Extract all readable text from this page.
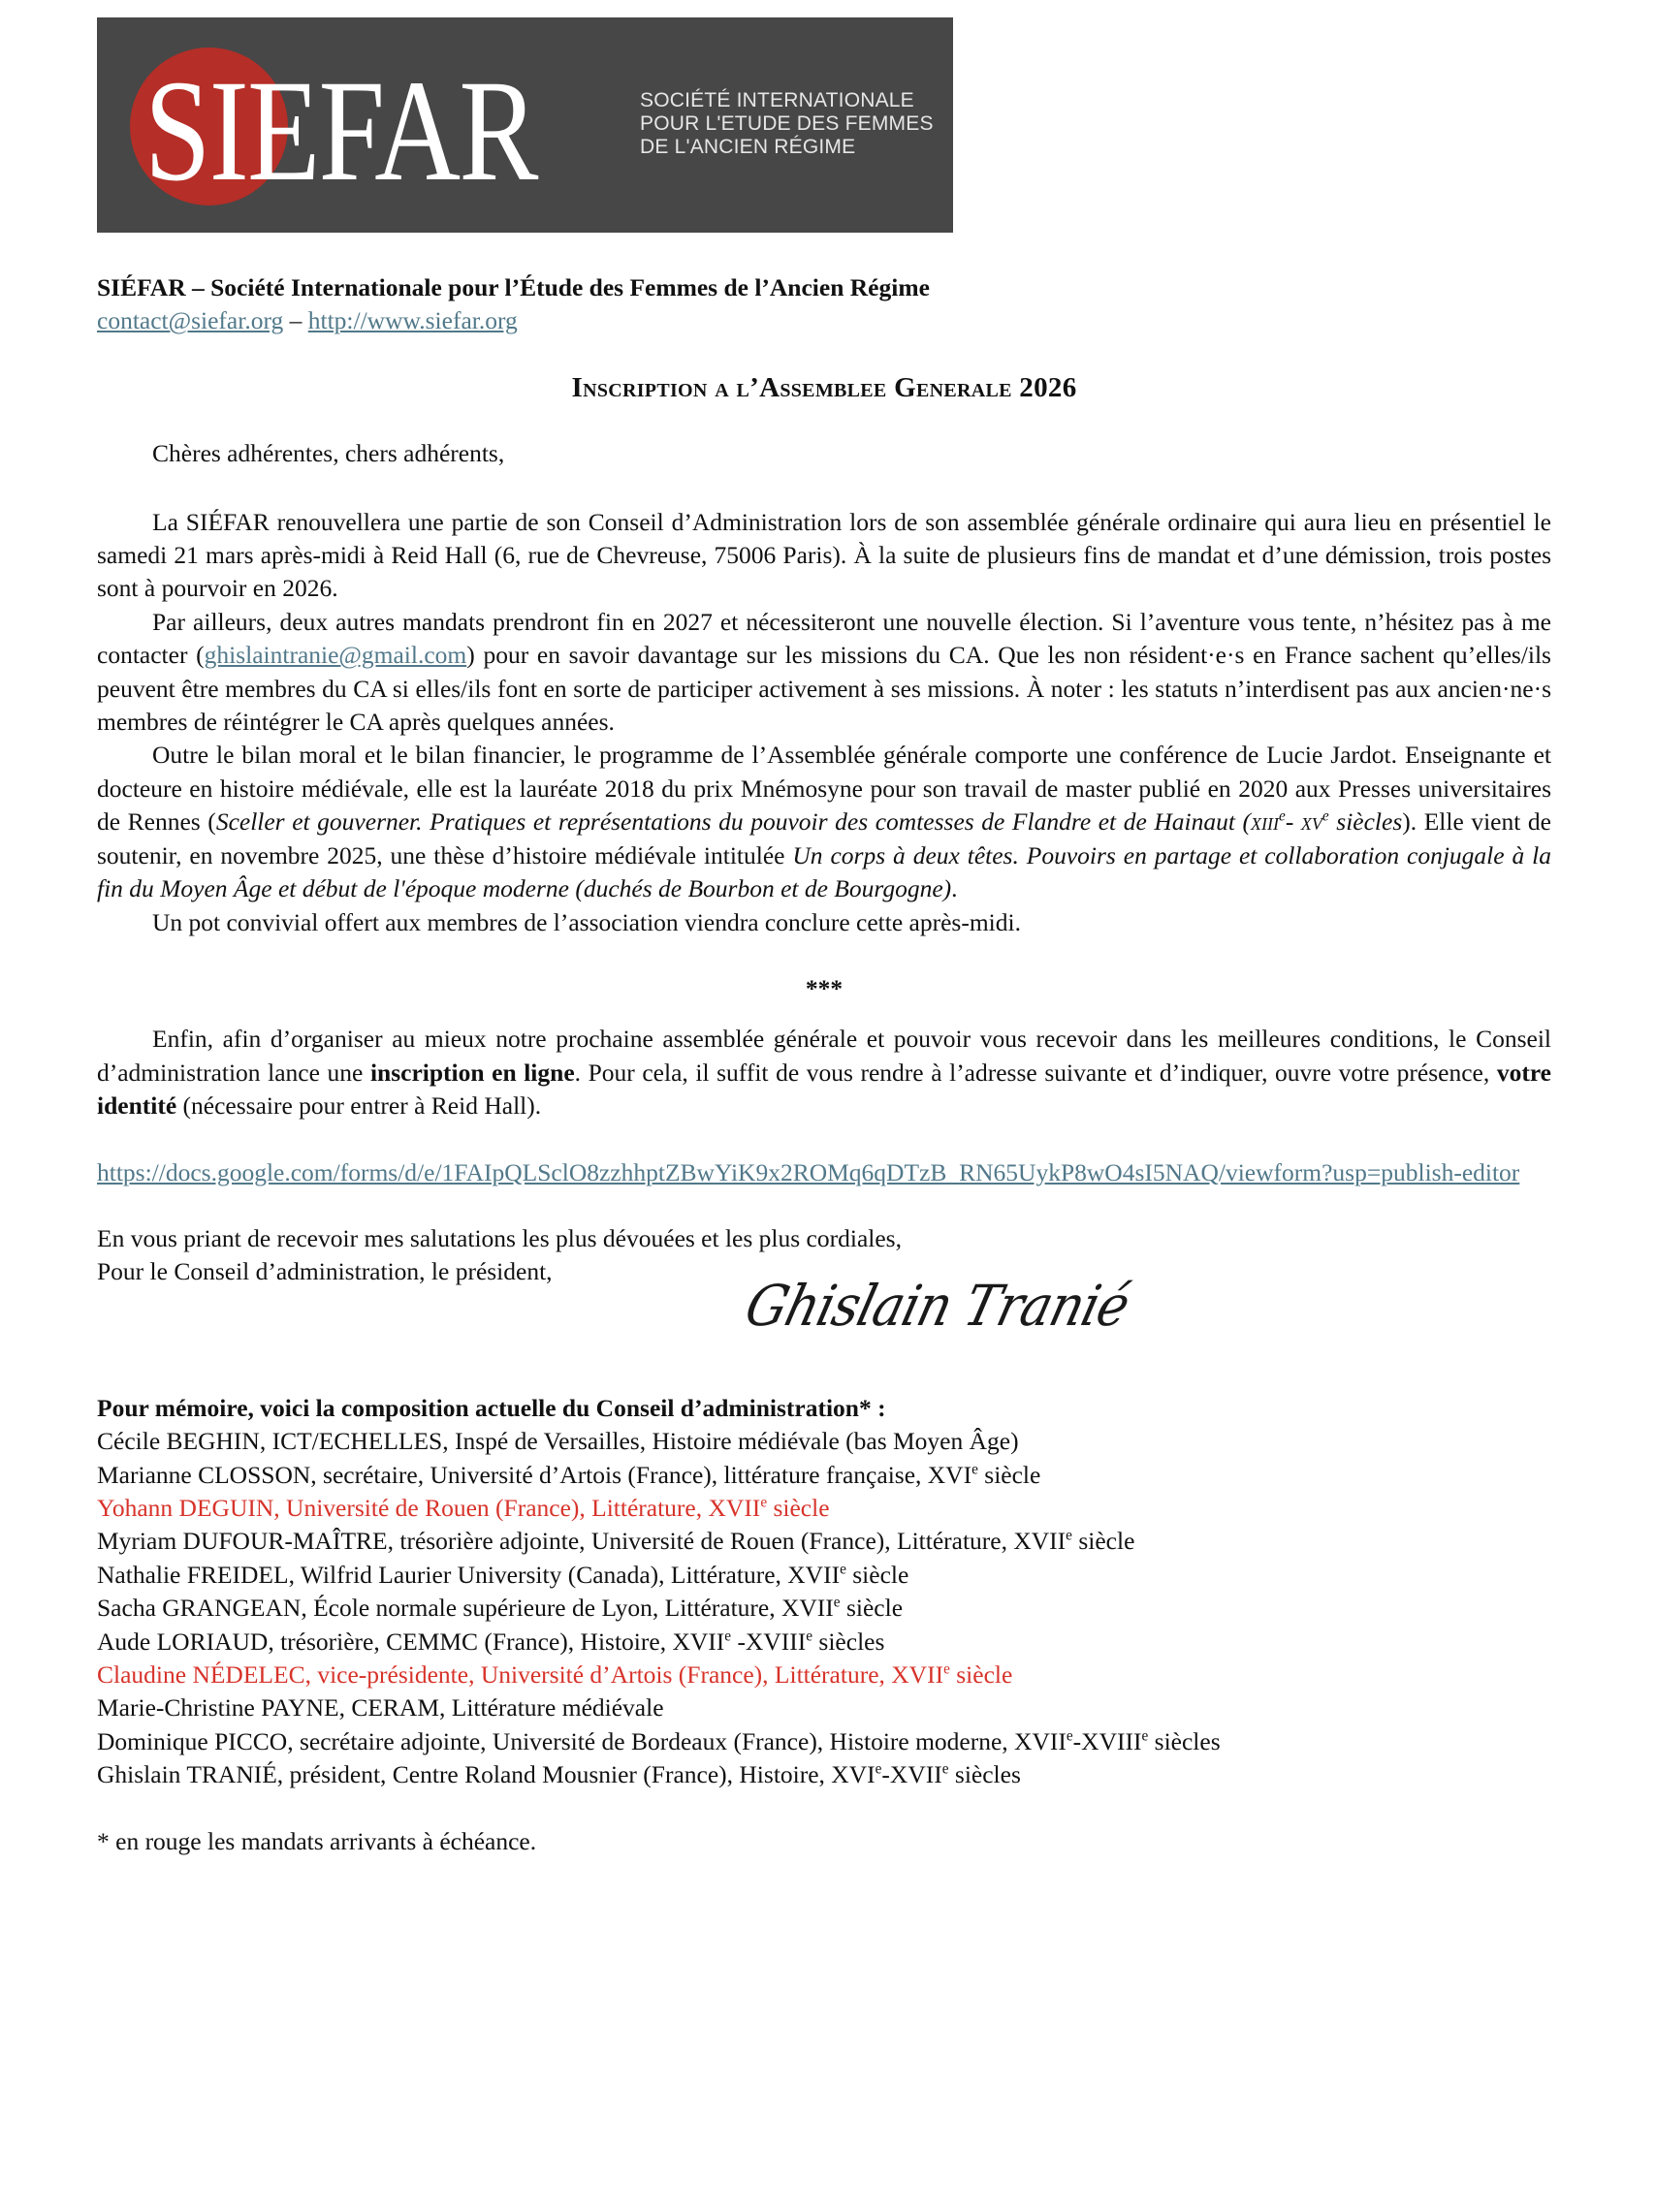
SIEFAR	SOCIÉTÉ INTERNATIONALE
POUR L'ETUDE DES FEMMES
DE L'ANCIEN RÉGIME

SIÉFAR – Société Internationale pour l’Étude des Femmes de l’Ancien Régime

contact@siefar.org – http://www.siefar.org

Inscription a l’Assemblee Generale 2026

Chères adhérentes, chers adhérents,

La SIÉFAR renouvellera une partie de son Conseil d’Administration lors de son assemblée générale ordinaire qui aura lieu en présentiel le samedi 21 mars après-midi à Reid Hall (6, rue de Chevreuse, 75006 Paris). À la suite de plusieurs fins de mandat et d’une démission, trois postes sont à pourvoir en 2026.

Par ailleurs, deux autres mandats prendront fin en 2027 et nécessiteront une nouvelle élection. Si l’aventure vous tente, n’hésitez pas à me contacter (ghislaintranie@gmail.com) pour en savoir davantage sur les missions du CA. Que les non résident·e·s en France sachent qu’elles/ils peuvent être membres du CA si elles/ils font en sorte de participer activement à ses missions. À noter : les statuts n’interdisent pas aux ancien·ne·s membres de réintégrer le CA après quelques années.

Outre le bilan moral et le bilan financier, le programme de l’Assemblée générale comporte une conférence de Lucie Jardot. Enseignante et docteure en histoire médiévale, elle est la lauréate 2018 du prix Mnémosyne pour son travail de master publié en 2020 aux Presses universitaires de Rennes (Sceller et gouverner. Pratiques et représentations du pouvoir des comtesses de Flandre et de Hainaut (xiii$^e$- $xv^e$ siècles). Elle vient de soutenir, en novembre 2025, une thèse d’histoire médiévale intitulée Un corps à deux têtes. Pouvoirs en partage et collaboration conjugale à la fin du Moyen Âge et début de l'époque moderne (duchés de Bourbon et de Bourgogne).

Un pot convivial offert aux membres de l’association viendra conclure cette après-midi.

***

Enfin, afin d’organiser au mieux notre prochaine assemblée générale et pouvoir vous recevoir dans les meilleures conditions, le Conseil d’administration lance une inscription en ligne. Pour cela, il suffit de vous rendre à l’adresse suivante et d’indiquer, ouvre votre présence, votre identité (nécessaire pour entrer à Reid Hall).

https://docs.google.com/forms/d/e/1FAIpQLSclO8zzhhptZBwYiK9x2ROMq6qDTzB_RN65UykP8wO4sI5NAQ/viewform?usp=publish-editor

En vous priant de recevoir mes salutations les plus dévouées et les plus cordiales,

Pour le Conseil d’administration, le président,

Ghislain Tranié

Pour mémoire, voici la composition actuelle du Conseil d’administration* :

Cécile BEGHIN, ICT/ECHELLES, Inspé de Versailles, Histoire médiévale (bas Moyen Âge)
Marianne CLOSSON, secrétaire, Université d’Artois (France), littérature française, XVIe siècle
Yohann DEGUIN, Université de Rouen (France), Littérature, XVIIe siècle
Myriam DUFOUR-MAÎTRE, trésorière adjointe, Université de Rouen (France), Littérature, XVIIe siècle
Nathalie FREIDEL, Wilfrid Laurier University (Canada), Littérature, XVIIe siècle
Sacha GRANGEAN, École normale supérieure de Lyon, Littérature, XVIIe siècle
Aude LORIAUD, trésorière, CEMMC (France), Histoire, XVIIe -XVIIIe siècles
Claudine NÉDELEC, vice-présidente, Université d’Artois (France), Littérature, XVIIe siècle
Marie-Christine PAYNE, CERAM, Littérature médiévale
Dominique PICCO, secrétaire adjointe, Université de Bordeaux (France), Histoire moderne, XVIIe-XVIIIe siècles
Ghislain TRANIÉ, président, Centre Roland Mousnier (France), Histoire, XVIe-XVIIe siècles

* en rouge les mandats arrivants à échéance.
